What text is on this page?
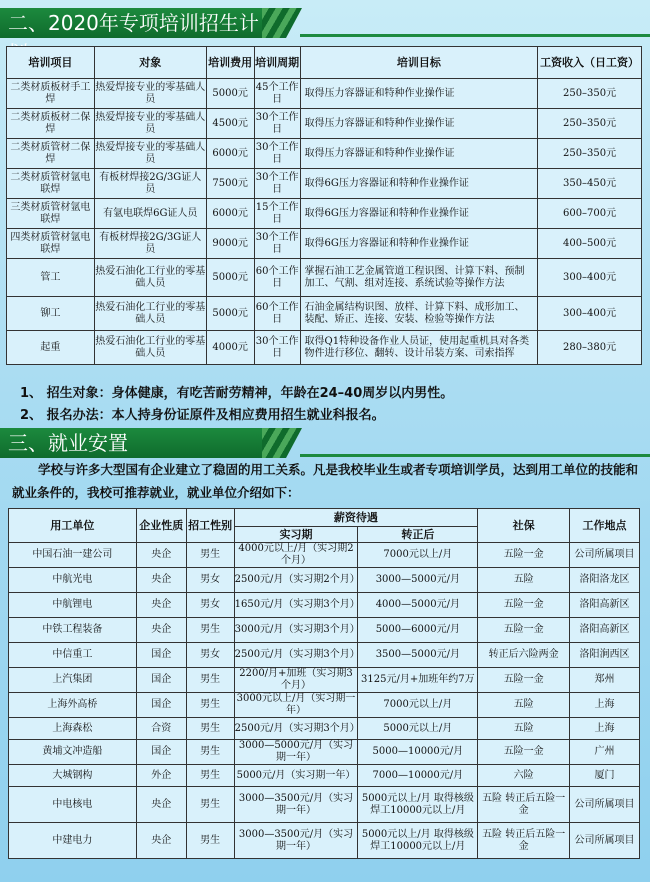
二、2020年专项培训招生计
培训项目	对象	培训费用	培训周期	培训目标	工资收入（日工资）
二类材质板材手工焊	热爱焊接专业的零基础人员	5000元	45个工作日	取得压力容器证和特种作业操作证	250–350元
二类材质板材二保焊	热爱焊接专业的零基础人员	4500元	30个工作日	取得压力容器证和特种作业操作证	250–350元
二类材质管材二保焊	热爱焊接专业的零基础人员	6000元	30个工作日	取得压力容器证和特种作业操作证	250–350元
二类材质管材氩电联焊	有板材焊接2G/3G证人员	7500元	30个工作日	取得6G压力容器证和特种作业操作证	350–450元
三类材质管材氩电联焊	有氩电联焊6G证人员	6000元	15个工作日	取得6G压力容器证和特种作业操作证	600–700元
四类材质管材氩电联焊	有板材焊接2G/3G证人员	9000元	30个工作日	取得6G压力容器证和特种作业操作证	400–500元
管工	热爱石油化工行业的零基础人员	5000元	60个工作日	掌握石油工艺金属管道工程识图、计算下料、预制加工、气割、组对连接、系统试验等操作方法	300–400元
铆工	热爱石油化工行业的零基础人员	5000元	60个工作日	石油金属结构识图、放样、计算下料、成形加工、装配、矫正、连接、安装、检验等操作方法	300–400元
起重	热爱石油化工行业的零基础人员	4000元	30个工作日	取得Q1特种设备作业人员证，使用起重机具对各类物件进行移位、翻转、设计吊装方案、司索指挥	280–380元
1、 招生对象：身体健康，有吃苦耐劳精神，年龄在24–40周岁以内男性。
2、 报名办法：本人持身份证原件及相应费用招生就业科报名。
三、就业安置
学校与许多大型国有企业建立了稳固的用工关系。凡是我校毕业生或者专项培训学员，达到用工单位的技能和就业条件的，我校可推荐就业，就业单位介绍如下：
用工单位	企业性质	招工性别	薪资待遇		社保	工作地点
			实习期	转正后		
中国石油一建公司	央企	男生	4000元以上/月（实习期2个月）	7000元以上/月	五险一金	公司所属项目
中航光电	央企	男女	2500元/月（实习期2个月）	3000—5000元/月	五险	洛阳洛龙区
中航锂电	央企	男女	1650元/月（实习期3个月）	4000—5000元/月	五险一金	洛阳高新区
中铁工程装备	央企	男生	3000元/月（实习期3个月）	5000—6000元/月	五险一金	洛阳高新区
中信重工	国企	男女	2500元/月（实习期3个月）	3500—5000元/月	转正后六险两金	洛阳涧西区
上汽集团	国企	男生	2200/月+加班（实习期3个月）	3125元/月+加班年约7万	五险一金	郑州
上海外高桥	国企	男生	3000元以上/月（实习期一年）	7000元以上/月	五险	上海
上海森松	合资	男生	2500元/月（实习期3个月）	5000元以上/月	五险	上海
黄埔文冲造船	国企	男生	3000—5000元/月（实习期一年）	5000—10000元/月	五险一金	广州
大城钢构	外企	男生	5000元/月（实习期一年）	7000—10000元/月	六险	厦门
中电核电	央企	男生	3000—3500元/月（实习期一年）	5000元以上/月 取得核级焊工10000元以上/月	五险 转正后五险一金	公司所属项目
中建电力	央企	男生	3000—3500元/月（实习期一年）	5000元以上/月 取得核级焊工10000元以上/月	五险 转正后五险一金	公司所属项目
